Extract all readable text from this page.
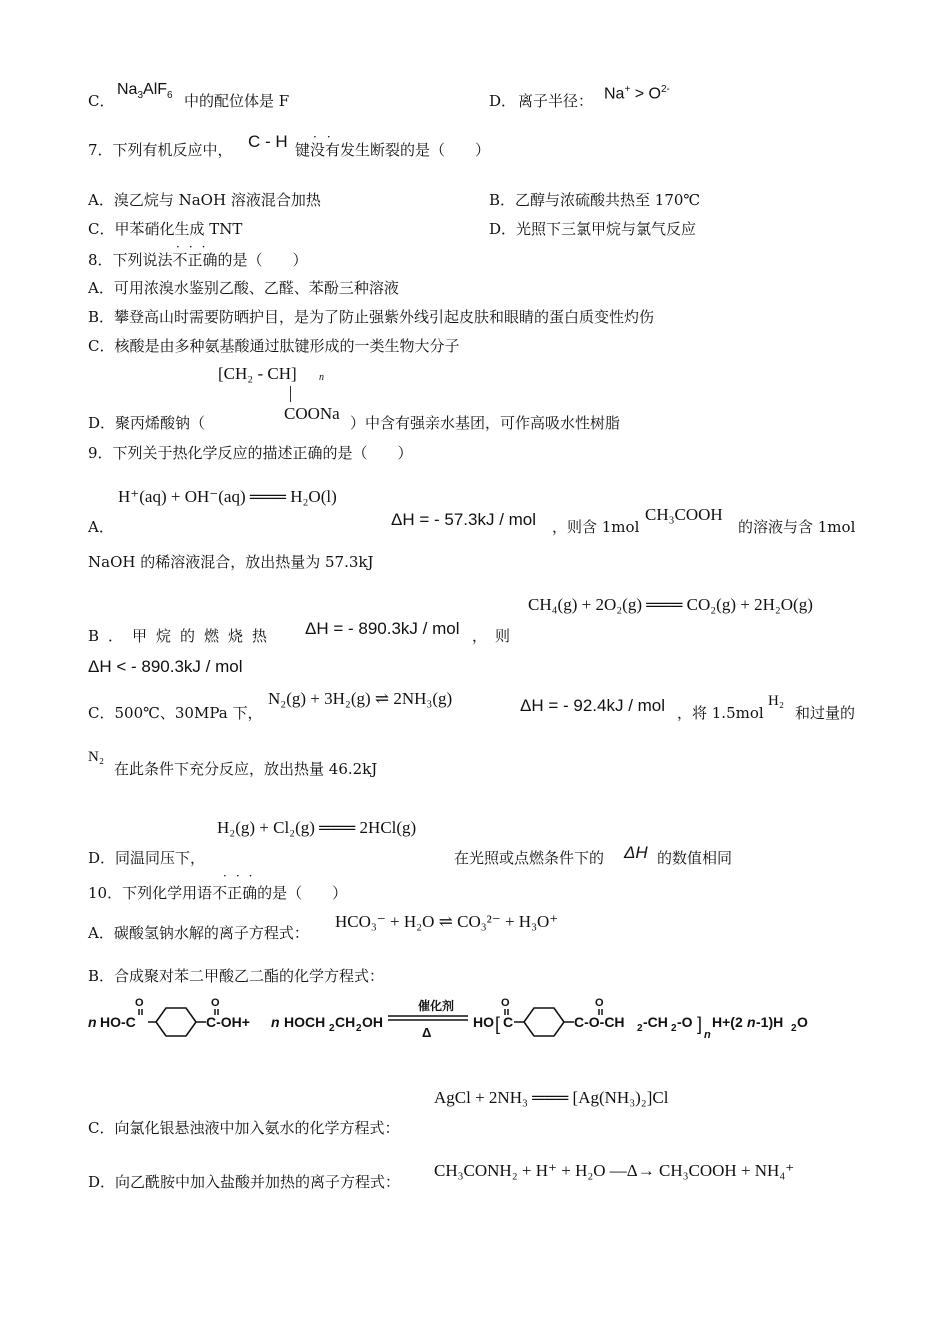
C．
$Na_3AlF_6$ 中的配位体是 F	D． 离子半径： $Na^+ > O^{2-}$
7．下列有机反应中， C - H 键没有发生断裂的是（　　）
··
A．溴乙烷与 NaOH 溶液混合加热	B．乙醇与浓硫酸共热至 170℃
C．甲苯硝化生成 TNT	D．光照下三氯甲烷与氯气反应
···
8．下列说法不正确的是（　　）
A．可用浓溴水鉴别乙酸、乙醛、苯酚三种溶液
B．攀登高山时需要防晒护目，是为了防止强紫外线引起皮肤和眼睛的蛋白质变性灼伤
C．核酸是由多种氨基酸通过肽键形成的一类生物大分子
[CH₂ - CH] n
COONa
D．聚丙烯酸钠（	）中含有强亲水基团，可作高吸水性树脂
9．下列关于热化学反应的描述正确的是（　　）
H⁺(aq) + OH⁻(aq) ═══ H₂O(l)
A．	ΔH = - 57.3kJ / mol ，则含 1mol
CH₃COOH
的溶液与含 1mol
NaOH 的稀溶液混合，放出热量为 57.3kJ
CH₄(g) + 2O₂(g) ═══ CO₂(g) + 2H₂O(g)
B．甲烷的燃烧热 ΔH = - 890.3kJ / mol ，则
ΔH < - 890.3kJ / mol
C．500℃、30MPa 下，
N₂(g) + 3H₂(g) ⇌ 2NH₃(g)	ΔH = - 92.4kJ / mol ，将 1.5mol
H₂
和过量的
N₂
在此条件下充分反应，放出热量 46.2kJ
H₂(g) + Cl₂(g) ═══ 2HCl(g)
D．同温同压下，	在光照或点燃条件下的 ΔH 的数值相同
···
10．下列化学用语不正确的是（　　）
A．碳酸氢钠水解的离子方程式：
HCO₃⁻ + H₂O ⇌ CO₃²⁻ + H₃O⁺
B．合成聚对苯二甲酸乙二酯的化学方程式：
n HO-C
O
C-OH+
O
n HOCH 2 CH 2 OH
催化剂
Δ
HO [ C
O
C-O-CH
O
2 -CH 2 -O ]
n
H+(2 n -1)H 2 O
AgCl + 2NH₃ ═══ [Ag(NH₃)₂]Cl
C．向氯化银悬浊液中加入氨水的化学方程式：
D．向乙酰胺中加入盐酸并加热的离子方程式：
CH₃CONH₂ + H⁺ + H₂O —Δ→ CH₃COOH + NH₄⁺
